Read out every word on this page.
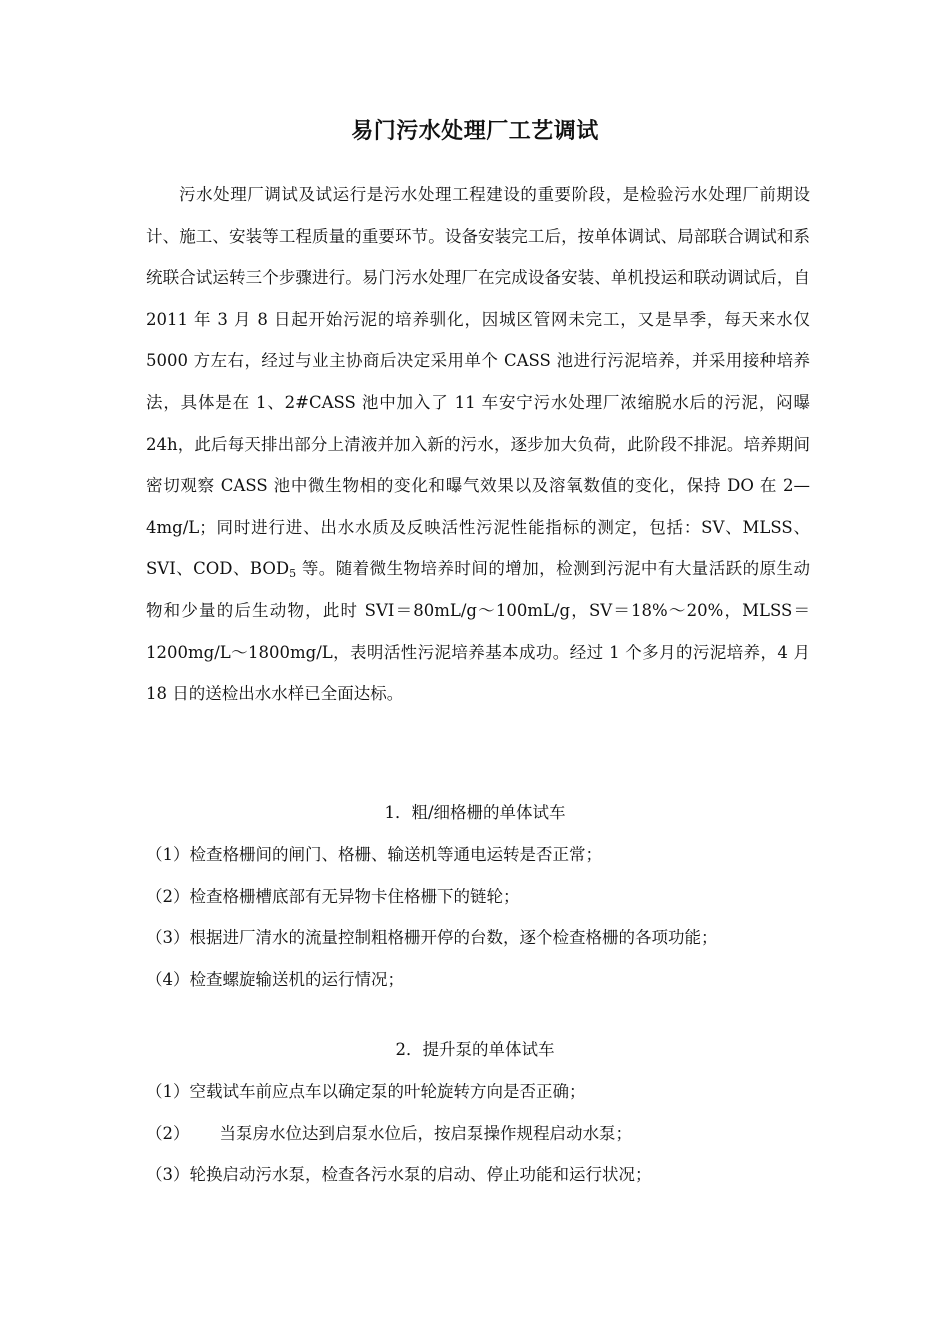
易门污水处理厂工艺调试

污水处理厂调试及试运行是污水处理工程建设的重要阶段，是检验污水处理厂前期设计、施工、安装等工程质量的重要环节。设备安装完工后，按单体调试、局部联合调试和系统联合试运转三个步骤进行。易门污水处理厂在完成设备安装、单机投运和联动调试后，自 2011 年 3 月 8 日起开始污泥的培养驯化，因城区管网未完工，又是旱季，每天来水仅 5000 方左右，经过与业主协商后决定采用单个 CASS 池进行污泥培养，并采用接种培养法，具体是在 1、2#CASS 池中加入了 11 车安宁污水处理厂浓缩脱水后的污泥，闷曝 24h，此后每天排出部分上清液并加入新的污水，逐步加大负荷，此阶段不排泥。培养期间密切观察 CASS 池中微生物相的变化和曝气效果以及溶氧数值的变化，保持 DO 在 2—4mg/L；同时进行进、出水水质及反映活性污泥性能指标的测定，包括：SV、MLSS、SVI、COD、$BOD_5$ 等。随着微生物培养时间的增加，检测到污泥中有大量活跃的原生动物和少量的后生动物，此时 SVI＝80mL/g～100mL/g，SV＝18%～20%，MLSS＝1200mg/L～1800mg/L，表明活性污泥培养基本成功。经过 1 个多月的污泥培养，4 月 18 日的送检出水水样已全面达标。

1．粗/细格栅的单体试车
（1）检查格栅间的闸门、格栅、输送机等通电运转是否正常；
（2）检查格栅槽底部有无异物卡住格栅下的链轮；
（3）根据进厂清水的流量控制粗格栅开停的台数，逐个检查格栅的各项功能；
（4）检查螺旋输送机的运行情况；
2．提升泵的单体试车
（1）空载试车前应点车以确定泵的叶轮旋转方向是否正确；
（2） 当泵房水位达到启泵水位后，按启泵操作规程启动水泵；
（3）轮换启动污水泵，检查各污水泵的启动、停止功能和运行状况；
